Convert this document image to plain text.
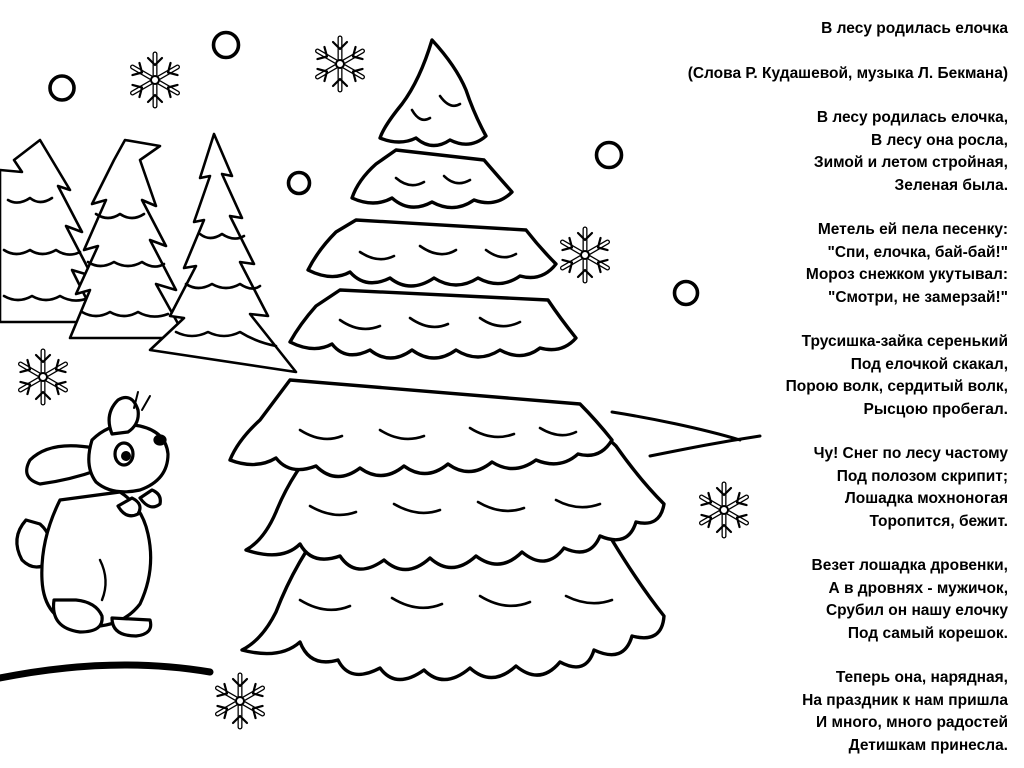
В лесу родилась елочка
(Слова Р. Кудашевой, музыка Л. Бекмана)
В лесу родилась елочка,
В лесу она росла,
Зимой и летом стройная,
Зеленая была.
Метель ей пела песенку:
"Спи, елочка, бай-бай!"
Мороз снежком укутывал:
"Смотри, не замерзай!"
Трусишка-зайка серенький
Под елочкой скакал,
Порою волк, сердитый волк,
Рысцою пробегал.
Чу! Снег по лесу частому
Под полозом скрипит;
Лошадка мохноногая
Торопится, бежит.
Везет лошадка дровенки,
А в дровнях - мужичок,
Срубил он нашу елочку
Под самый корешок.
Теперь она, нарядная,
На праздник к нам пришла
И много, много радостей
Детишкам принесла.
